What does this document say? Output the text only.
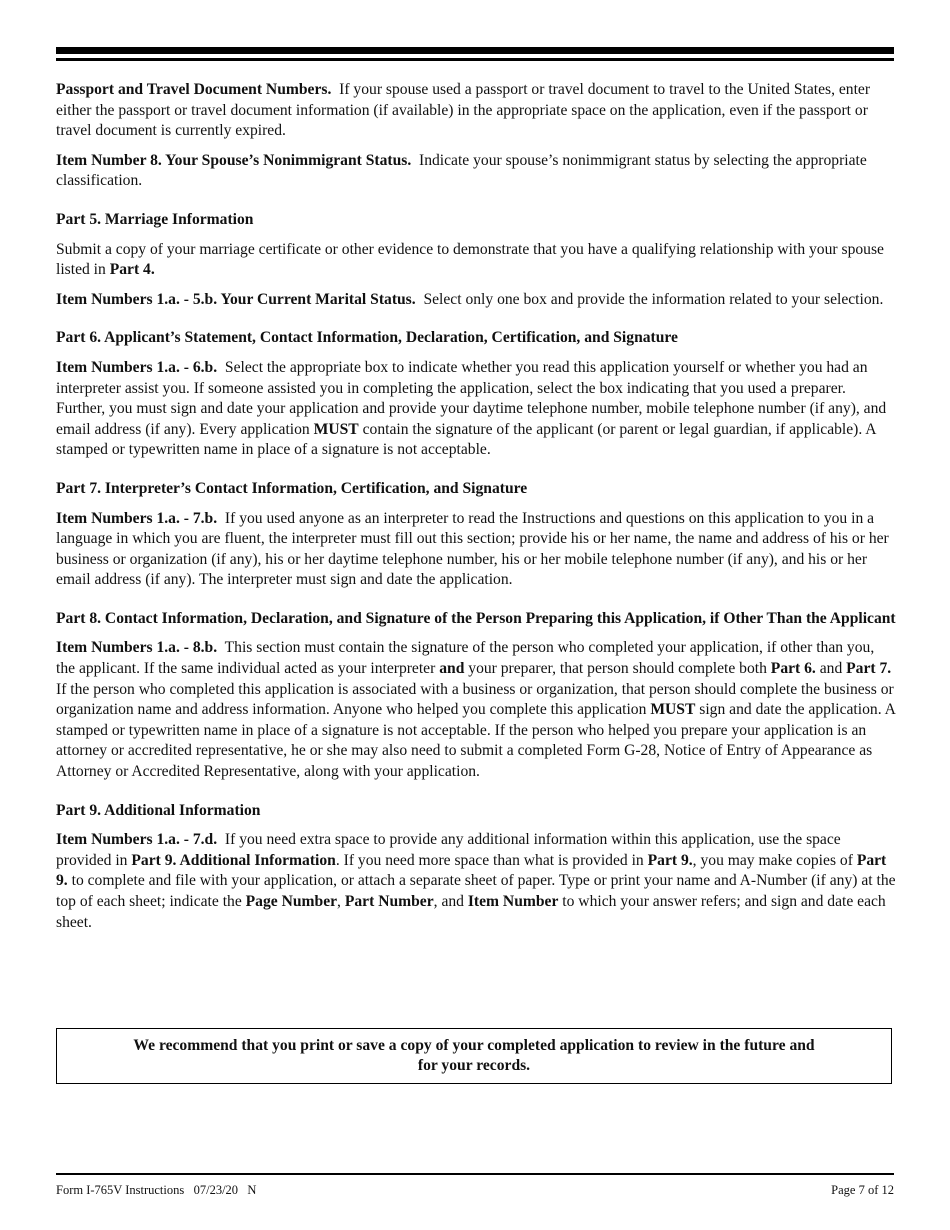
Passport and Travel Document Numbers. If your spouse used a passport or travel document to travel to the United States, enter either the passport or travel document information (if available) in the appropriate space on the application, even if the passport or travel document is currently expired.

Item Number 8. Your Spouse’s Nonimmigrant Status. Indicate your spouse’s nonimmigrant status by selecting the appropriate classification.

Part 5. Marriage Information

Submit a copy of your marriage certificate or other evidence to demonstrate that you have a qualifying relationship with your spouse listed in Part 4.

Item Numbers 1.a. - 5.b. Your Current Marital Status. Select only one box and provide the information related to your selection.

Part 6. Applicant’s Statement, Contact Information, Declaration, Certification, and Signature

Item Numbers 1.a. - 6.b. Select the appropriate box to indicate whether you read this application yourself or whether you had an interpreter assist you. If someone assisted you in completing the application, select the box indicating that you used a preparer. Further, you must sign and date your application and provide your daytime telephone number, mobile telephone number (if any), and email address (if any). Every application MUST contain the signature of the applicant (or parent or legal guardian, if applicable). A stamped or typewritten name in place of a signature is not acceptable.

Part 7. Interpreter’s Contact Information, Certification, and Signature

Item Numbers 1.a. - 7.b. If you used anyone as an interpreter to read the Instructions and questions on this application to you in a language in which you are fluent, the interpreter must fill out this section; provide his or her name, the name and address of his or her business or organization (if any), his or her daytime telephone number, his or her mobile telephone number (if any), and his or her email address (if any). The interpreter must sign and date the application.

Part 8. Contact Information, Declaration, and Signature of the Person Preparing this Application, if Other Than the Applicant

Item Numbers 1.a. - 8.b. This section must contain the signature of the person who completed your application, if other than you, the applicant. If the same individual acted as your interpreter and your preparer, that person should complete both Part 6. and Part 7.  If the person who completed this application is associated with a business or organization, that person should complete the business or organization name and address information. Anyone who helped you complete this application MUST sign and date the application. A stamped or typewritten name in place of a signature is not acceptable. If the person who helped you prepare your application is an attorney or accredited representative, he or she may also need to submit a completed Form G-28, Notice of Entry of Appearance as Attorney or Accredited Representative, along with your application.

Part 9. Additional Information

Item Numbers 1.a. - 7.d. If you need extra space to provide any additional information within this application, use the space provided in Part 9. Additional Information. If you need more space than what is provided in Part 9., you may make copies of Part 9. to complete and file with your application, or attach a separate sheet of paper. Type or print your name and A-Number (if any) at the top of each sheet; indicate the Page Number, Part Number, and Item Number to which your answer refers; and sign and date each sheet.

We recommend that you print or save a copy of your completed application to review in the future and for your records.
Form I-765V Instructions   07/23/20   N	Page 7 of 12
